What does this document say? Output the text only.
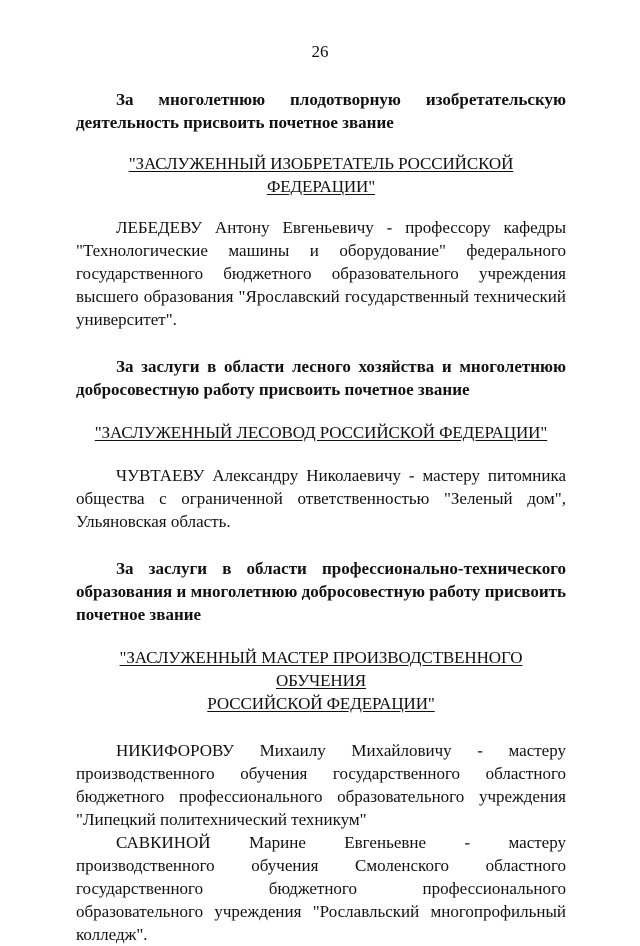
26

За многолетнюю плодотворную изобретательскую деятельность присвоить почетное звание

"ЗАСЛУЖЕННЫЙ ИЗОБРЕТАТЕЛЬ РОССИЙСКОЙ ФЕДЕРАЦИИ"

ЛЕБЕДЕВУ Антону Евгеньевичу - профессору кафедры "Технологические машины и оборудование" федерального государственного бюджетного образовательного учреждения высшего образования "Ярославский государственный технический университет".

За заслуги в области лесного хозяйства и многолетнюю добросовестную работу присвоить почетное звание

"ЗАСЛУЖЕННЫЙ ЛЕСОВОД РОССИЙСКОЙ ФЕДЕРАЦИИ"

ЧУВТАЕВУ Александру Николаевичу - мастеру питомника общества с ограниченной ответственностью "Зеленый дом", Ульяновская область.

За заслуги в области профессионально-технического образования и многолетнюю добросовестную работу присвоить почетное звание

"ЗАСЛУЖЕННЫЙ МАСТЕР ПРОИЗВОДСТВЕННОГО ОБУЧЕНИЯ

РОССИЙСКОЙ ФЕДЕРАЦИИ"

НИКИФОРОВУ Михаилу Михайловичу - мастеру производственного обучения государственного областного бюджетного профессионального образовательного учреждения "Липецкий политехнический техникум"

САВКИНОЙ Марине Евгеньевне - мастеру производственного обучения Смоленского областного государственного бюджетного профессионального образовательного учреждения "Рославльский многопрофильный колледж".
